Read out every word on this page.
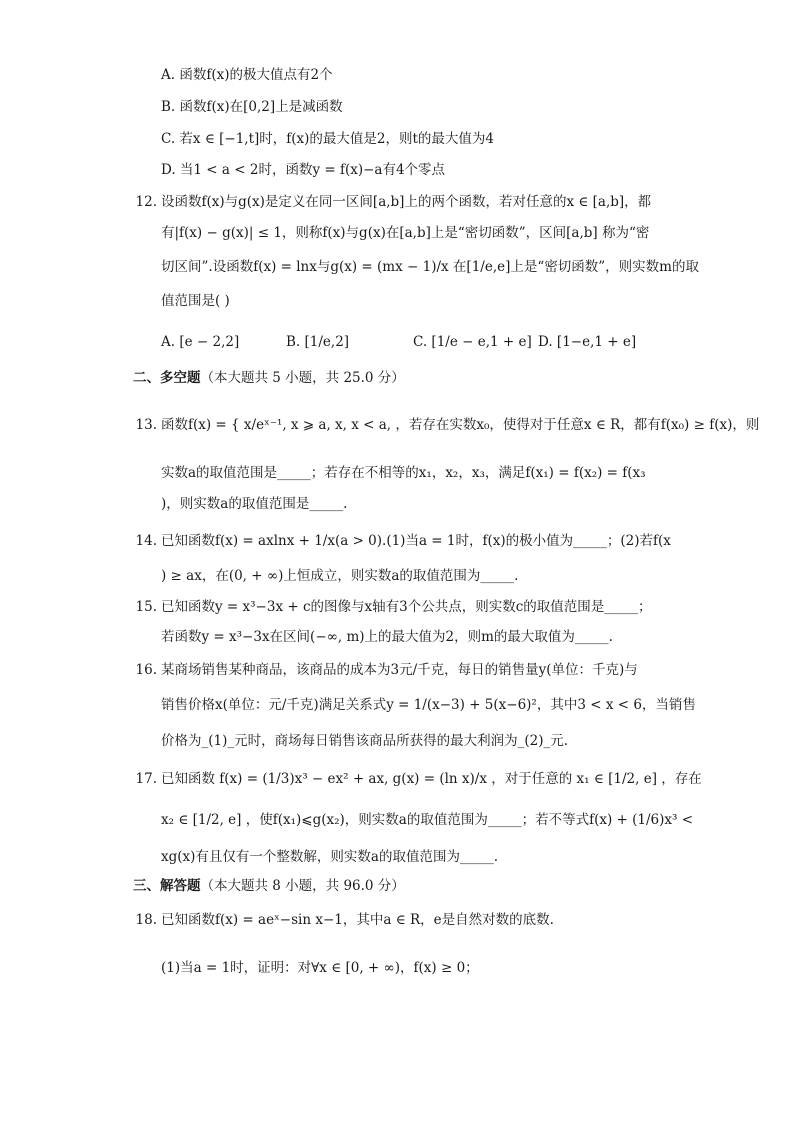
A. 函数f(x)的极大值点有2个
B. 函数f(x)在[0,2]上是减函数
C. 若x ∈ [−1,t]时，f(x)的最大值是2，则t的最大值为4
D. 当1 < a < 2时，函数y = f(x)−a有4个零点
12. 设函数f(x)与g(x)是定义在同一区间[a,b]上的两个函数，若对任意的x ∈ [a,b]，都
有|f(x) − g(x)| ≤ 1，则称f(x)与g(x)在[a,b]上是“密切函数”，区间[a,b] 称为“密
切区间”.设函数f(x) = lnx与g(x) = (mx − 1)/x 在[1/e,e]上是“密切函数”，则实数m的取
值范围是( )
A. [e − 2,2]	B. [1/e,2]	C. [1/e − e,1 + e] D. [1−e,1 + e]
二、多空题（本大题共 5 小题，共 25.0 分）
13. 函数f(x) = { x/eˣ⁻¹, x ⩾ a, x, x < a, ，若存在实数x₀，使得对于任意x ∈ R，都有f(x₀) ≥ f(x)，则
实数a的取值范围是_____；若存在不相等的x₁，x₂，x₃，满足f(x₁) = f(x₂) = f(x₃
)，则实数a的取值范围是_____.
14. 已知函数f(x) = axlnx + 1/x(a > 0).(1)当a = 1时，f(x)的极小值为_____；(2)若f(x
) ≥ ax，在(0, + ∞)上恒成立，则实数a的取值范围为_____.
15. 已知函数y = x³−3x + c的图像与x轴有3个公共点，则实数c的取值范围是_____；
若函数y = x³−3x在区间(−∞, m)上的最大值为2，则m的最大取值为_____.
16. 某商场销售某种商品，该商品的成本为3元/千克，每日的销售量y(单位：千克)与
销售价格x(单位：元/千克)满足关系式y = 1/(x−3) + 5(x−6)²，其中3 < x < 6，当销售
价格为_(1)_元时，商场每日销售该商品所获得的最大利润为_(2)_元.
17. 已知函数 f(x) = (1/3)x³ − ex² + ax, g(x) = (ln x)/x ，对于任意的 x₁ ∈ [1/2, e] ，存在
x₂ ∈ [1/2, e] ，使f(x₁)⩽g(x₂)，则实数a的取值范围为_____；若不等式f(x) + (1/6)x³ <
xg(x)有且仅有一个整数解，则实数a的取值范围为_____.
三、解答题（本大题共 8 小题，共 96.0 分）
18. 已知函数f(x) = aeˣ−sin x−1，其中a ∈ R，e是自然对数的底数.
(1)当a = 1时，证明：对∀x ∈ [0, + ∞)，f(x) ≥ 0；
